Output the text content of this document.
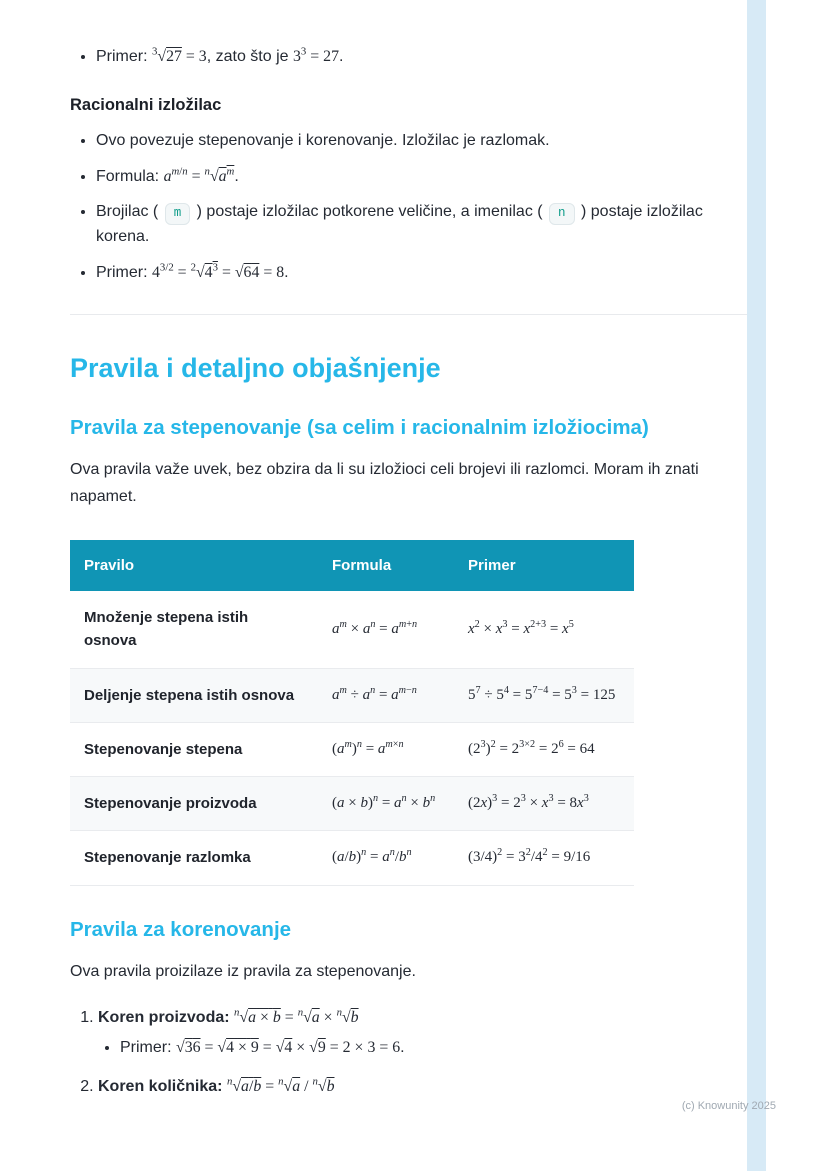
• Primer: $^3$√27 = 3, zato što je $3^3 = 27$.
Racionalni izložilac
• Ovo povezuje stepenovanje i korenovanje. Izložilac je razlomak.
• Formula: $a^{m/n} = ^n√a^m$.
• Brojilac ( m ) postaje izložilac potkorene veličine, a imenilac ( n ) postaje izložilac korena.
• Primer: $4^{3/2} = ^2√4^3 = √64 = 8$.
Pravila i detaljno objašnjenje
Pravila za stepenovanje (sa celim i racionalnim izložiocima)

Ova pravila važe uvek, bez obzira da li su izložioci celi brojevi ili razlomci. Moram ih znati napamet.

Pravilo	Formula	Primer
Množenje stepena istih osnova	$a^m \times a^n = a^{m+n}$	$x^2 \times x^3 = x^{2+3} = x^5$
Deljenje stepena istih osnova	$a^m \div a^n = a^{m-n}$	$5^7 \div 5^4 = 5^{7-4} = 5^3 = 125$
Stepenovanje stepena	$(a^m)^n = a^{m\times n}$	$(2^3)^2 = 2^{3\times 2} = 2^6 = 64$
Stepenovanje proizvoda	$(a \times b)^n = a^n \times b^n$	$(2x)^3 = 2^3 \times x^3 = 8x^3$
Stepenovanje razlomka	$(a/b)^n = a^n/b^n$	$(3/4)^2 = 3^2/4^2 = 9/16$
Pravila za korenovanje

Ova pravila proizilaze iz pravila za stepenovanje.

1. Koren proizvoda: $^n$√a × b = $^n$√a × $^n$√b
• Primer: √36 = √4 × 9 = √4 × √9 = 2 × 3 = 6.
2. Koren količnika: $^n$√a/b = $^n$√a / $^n$√b
(c) Knowunity 2025
